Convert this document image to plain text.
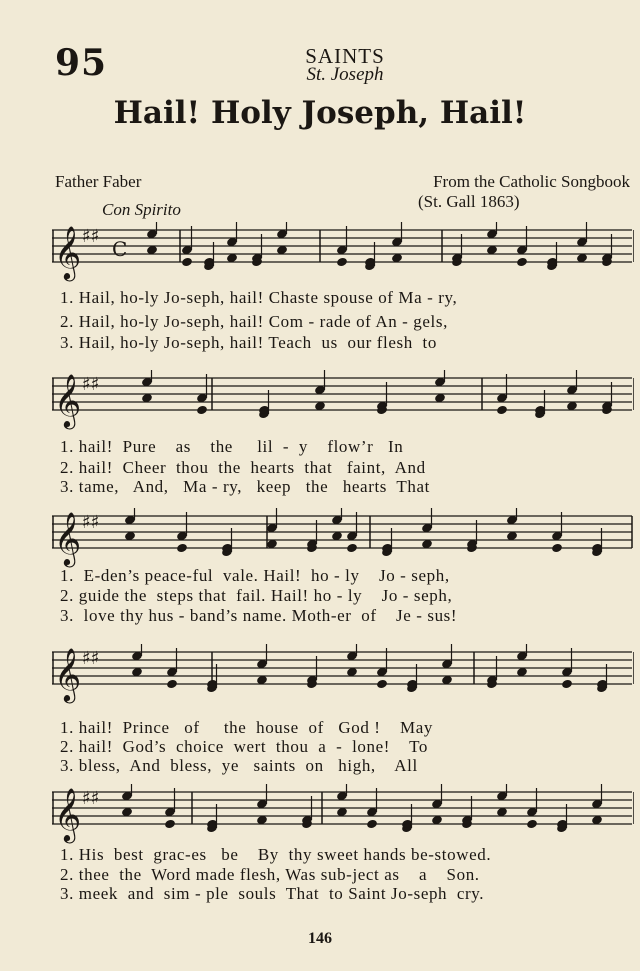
95	SAINTS
St. Joseph
Hail! Holy Joseph, Hail!
Father Faber	From the Catholic Songbook
(St. Gall 1863)
Con Spirito
𝄞 ♯♯
C
1. Hail, ho-ly Jo-seph, hail! Chaste spouse of Ma - ry,
2. Hail, ho-ly Jo-seph, hail! Com - rade of An - gels,
3. Hail, ho-ly Jo-seph, hail! Teach  us  our flesh  to
𝄞 ♯♯
1. hail!  Pure    as    the     lil  -  y    flow’r   In
2. hail!  Cheer  thou  the  hearts  that   faint,  And
3. tame,   And,   Ma - ry,   keep   the   hearts  That
𝄞 ♯♯
1.  E-den’s peace-ful  vale. Hail!  ho - ly    Jo - seph,
2. guide the  steps that  fail. Hail! ho - ly    Jo - seph,
3.  love thy hus - band’s name. Moth-er  of    Je - sus!
𝄞 ♯♯
1. hail!  Prince   of     the  house  of   God !    May
2. hail!  God’s  choice  wert  thou  a  -  lone!    To
3. bless,  And  bless,  ye   saints  on   high,    All
𝄞 ♯♯
1. His  best  grac-es   be    By  thy sweet hands be-stowed.
2. thee  the  Word made flesh, Was sub-ject as    a    Son.
3. meek  and  sim - ple  souls  That  to Saint Jo-seph  cry.
146
